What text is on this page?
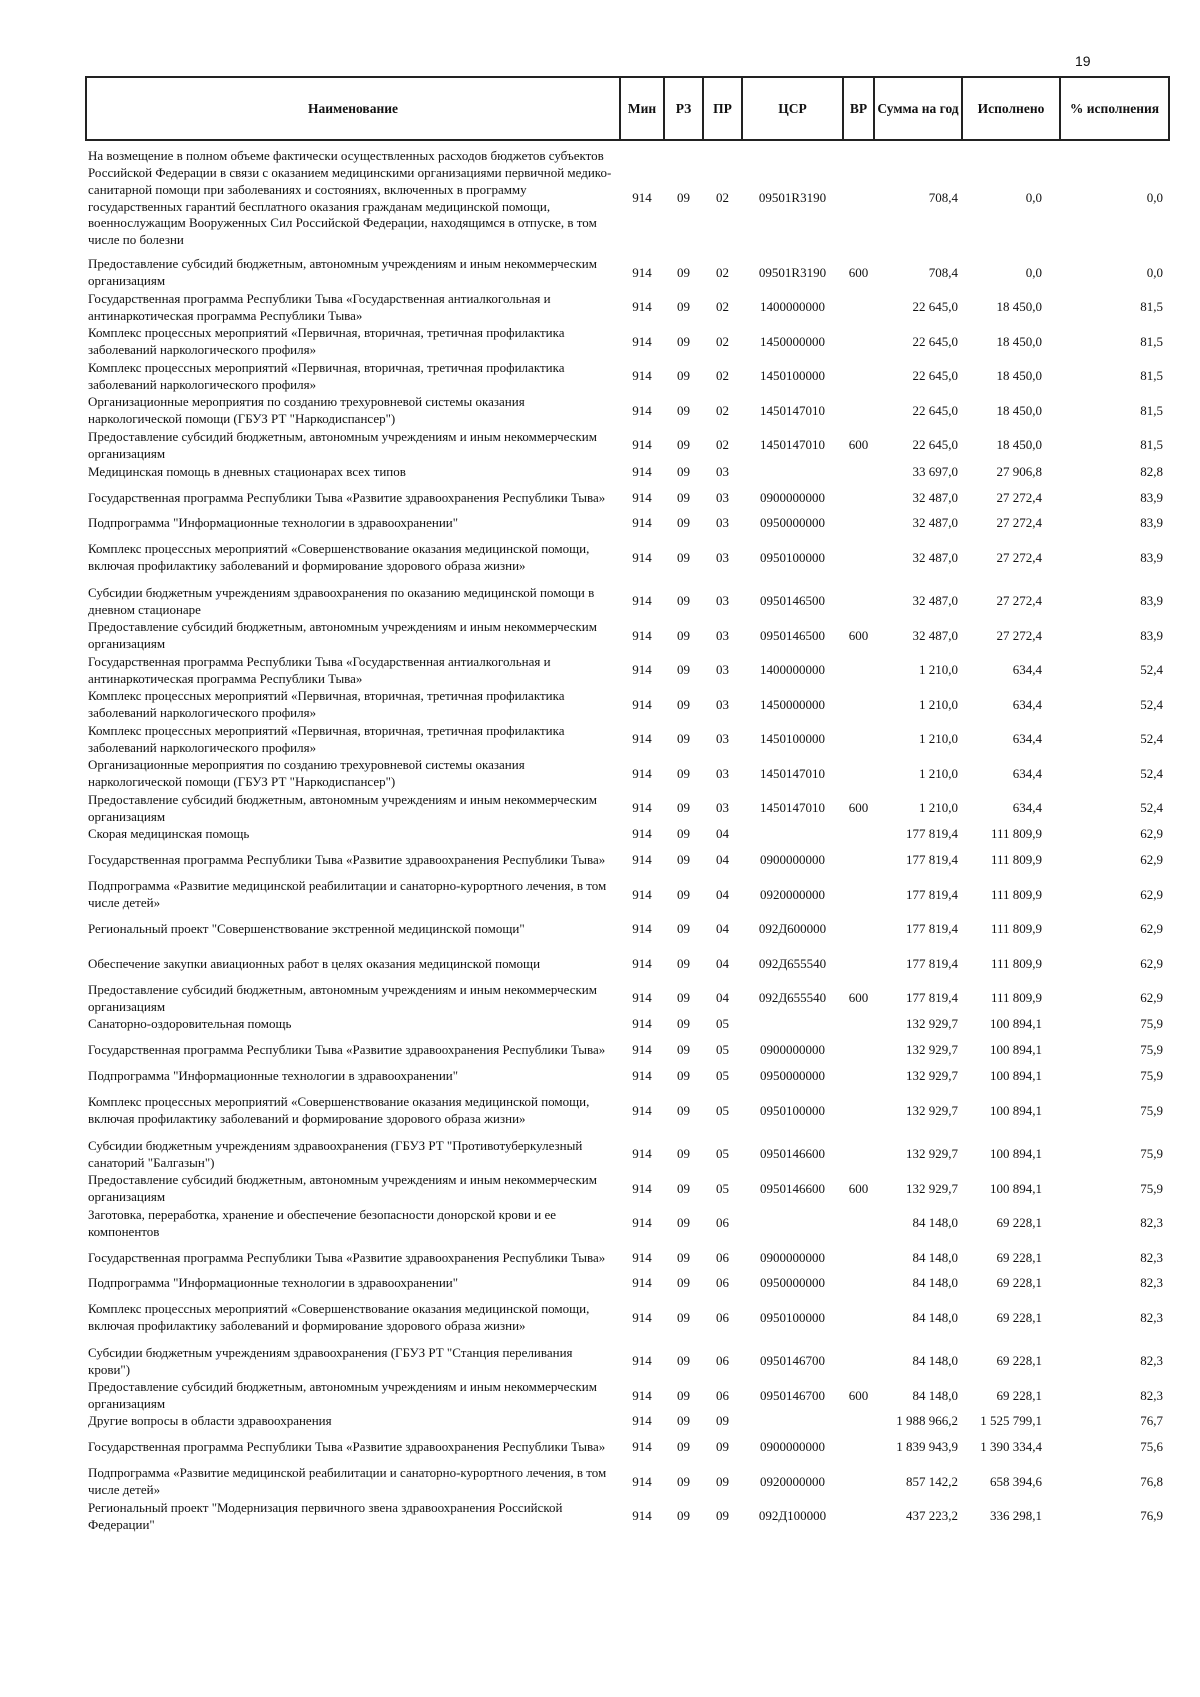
19
Наименование	Мин	РЗ	ПР	ЦСР	ВР	Сумма на год	Исполнено	% исполнения
На возмещение в полном объеме фактически осуществленных расходов бюджетов субъектов Российской Федерации в связи с оказанием медицинскими организациями первичной медико-санитарной помощи при заболеваниях и состояниях, включенных в программу государственных гарантий бесплатного оказания гражданам медицинской помощи, военнослужащим Вооруженных Сил Российской Федерации, находящимся в отпуске, в том числе по болезни	914	09	02	09501R3190		708,4	0,0	0,0
Предоставление субсидий бюджетным, автономным учреждениям и иным некоммерческим организациям	914	09	02	09501R3190	600	708,4	0,0	0,0
Государственная программа Республики Тыва «Государственная антиалкогольная и антинаркотическая программа Республики Тыва»	914	09	02	1400000000		22 645,0	18 450,0	81,5
Комплекс процессных мероприятий «Первичная, вторичная, третичная профилактика заболеваний наркологического профиля»	914	09	02	1450000000		22 645,0	18 450,0	81,5
Комплекс процессных мероприятий «Первичная, вторичная, третичная профилактика заболеваний наркологического профиля»	914	09	02	1450100000		22 645,0	18 450,0	81,5
Организационные мероприятия по созданию трехуровневой системы оказания наркологической помощи (ГБУЗ РТ "Наркодиспансер")	914	09	02	1450147010		22 645,0	18 450,0	81,5
Предоставление субсидий бюджетным, автономным учреждениям и иным некоммерческим организациям	914	09	02	1450147010	600	22 645,0	18 450,0	81,5
Медицинская помощь в дневных стационарах всех типов	914	09	03			33 697,0	27 906,8	82,8
Государственная программа Республики Тыва «Развитие здравоохранения Республики Тыва»	914	09	03	0900000000		32 487,0	27 272,4	83,9
Подпрограмма "Информационные технологии в здравоохранении"	914	09	03	0950000000		32 487,0	27 272,4	83,9
Комплекс процессных мероприятий «Совершенствование оказания медицинской помощи, включая профилактику заболеваний и формирование здорового образа жизни»	914	09	03	0950100000		32 487,0	27 272,4	83,9
Субсидии бюджетным учреждениям здравоохранения по оказанию медицинской помощи в дневном стационаре	914	09	03	0950146500		32 487,0	27 272,4	83,9
Предоставление субсидий бюджетным, автономным учреждениям и иным некоммерческим организациям	914	09	03	0950146500	600	32 487,0	27 272,4	83,9
Государственная программа Республики Тыва «Государственная антиалкогольная и антинаркотическая программа Республики Тыва»	914	09	03	1400000000		1 210,0	634,4	52,4
Комплекс процессных мероприятий «Первичная, вторичная, третичная профилактика заболеваний наркологического профиля»	914	09	03	1450000000		1 210,0	634,4	52,4
Комплекс процессных мероприятий «Первичная, вторичная, третичная профилактика заболеваний наркологического профиля»	914	09	03	1450100000		1 210,0	634,4	52,4
Организационные мероприятия по созданию трехуровневой системы оказания наркологической помощи (ГБУЗ РТ "Наркодиспансер")	914	09	03	1450147010		1 210,0	634,4	52,4
Предоставление субсидий бюджетным, автономным учреждениям и иным некоммерческим организациям	914	09	03	1450147010	600	1 210,0	634,4	52,4
Скорая медицинская помощь	914	09	04			177 819,4	111 809,9	62,9
Государственная программа Республики Тыва «Развитие здравоохранения Республики Тыва»	914	09	04	0900000000		177 819,4	111 809,9	62,9
Подпрограмма «Развитие медицинской реабилитации и санаторно-курортного лечения, в том числе детей»	914	09	04	0920000000		177 819,4	111 809,9	62,9
Региональный проект "Совершенствование экстренной медицинской помощи"	914	09	04	092Д600000		177 819,4	111 809,9	62,9
Обеспечение закупки авиационных работ в целях оказания медицинской помощи	914	09	04	092Д655540		177 819,4	111 809,9	62,9
Предоставление субсидий бюджетным, автономным учреждениям и иным некоммерческим организациям	914	09	04	092Д655540	600	177 819,4	111 809,9	62,9
Санаторно-оздоровительная помощь	914	09	05			132 929,7	100 894,1	75,9
Государственная программа Республики Тыва «Развитие здравоохранения Республики Тыва»	914	09	05	0900000000		132 929,7	100 894,1	75,9
Подпрограмма "Информационные технологии в здравоохранении"	914	09	05	0950000000		132 929,7	100 894,1	75,9
Комплекс процессных мероприятий «Совершенствование оказания медицинской помощи, включая профилактику заболеваний и формирование здорового образа жизни»	914	09	05	0950100000		132 929,7	100 894,1	75,9
Субсидии бюджетным учреждениям здравоохранения (ГБУЗ РТ "Противотуберкулезный санаторий "Балгазын")	914	09	05	0950146600		132 929,7	100 894,1	75,9
Предоставление субсидий бюджетным, автономным учреждениям и иным некоммерческим организациям	914	09	05	0950146600	600	132 929,7	100 894,1	75,9
Заготовка, переработка, хранение и обеспечение безопасности донорской крови и ее компонентов	914	09	06			84 148,0	69 228,1	82,3
Государственная программа Республики Тыва «Развитие здравоохранения Республики Тыва»	914	09	06	0900000000		84 148,0	69 228,1	82,3
Подпрограмма "Информационные технологии в здравоохранении"	914	09	06	0950000000		84 148,0	69 228,1	82,3
Комплекс процессных мероприятий «Совершенствование оказания медицинской помощи, включая профилактику заболеваний и формирование здорового образа жизни»	914	09	06	0950100000		84 148,0	69 228,1	82,3
Субсидии бюджетным учреждениям здравоохранения (ГБУЗ РТ "Станция переливания крови")	914	09	06	0950146700		84 148,0	69 228,1	82,3
Предоставление субсидий бюджетным, автономным учреждениям и иным некоммерческим организациям	914	09	06	0950146700	600	84 148,0	69 228,1	82,3
Другие вопросы в области здравоохранения	914	09	09			1 988 966,2	1 525 799,1	76,7
Государственная программа Республики Тыва «Развитие здравоохранения Республики Тыва»	914	09	09	0900000000		1 839 943,9	1 390 334,4	75,6
Подпрограмма «Развитие медицинской реабилитации и санаторно-курортного лечения, в том числе детей»	914	09	09	0920000000		857 142,2	658 394,6	76,8
Региональный проект "Модернизация первичного звена здравоохранения Российской Федерации"	914	09	09	092Д100000		437 223,2	336 298,1	76,9
